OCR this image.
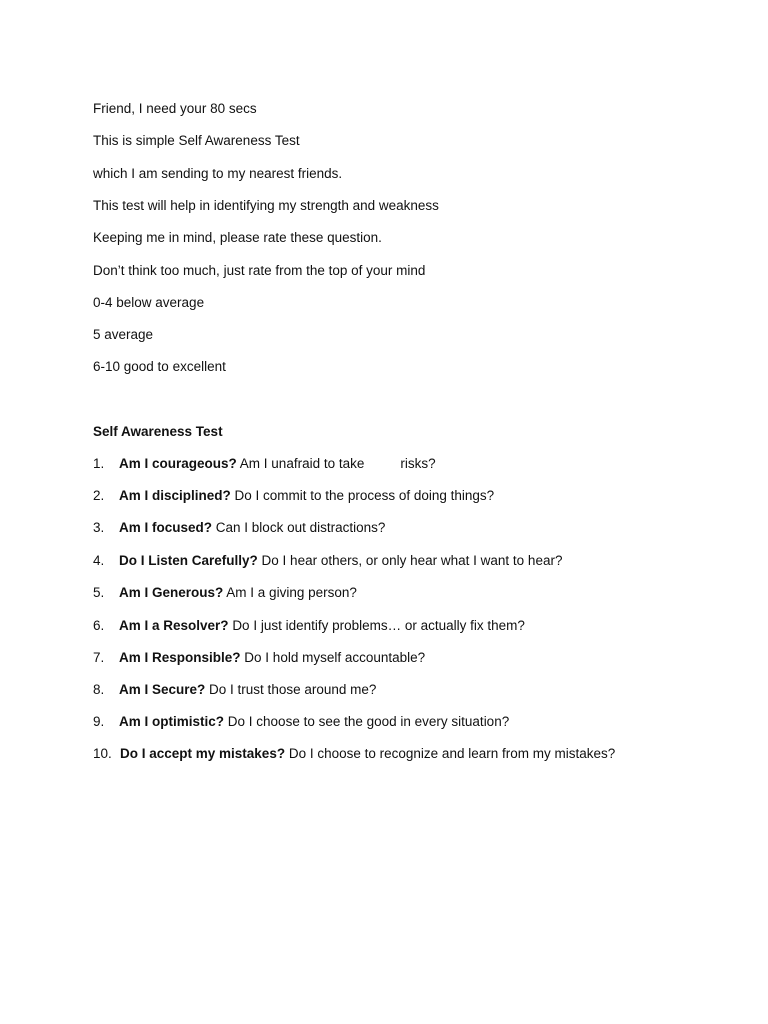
Friend, I need your 80 secs
This is simple Self Awareness Test
which I am sending to my nearest friends.
This test will help in identifying my strength and weakness
Keeping me in mind, please rate these question.
Don’t think too much, just rate from the top of your mind
0-4 below average
5 average
6-10 good to excellent
Self Awareness Test
1. Am I courageous? Am I unafraid to take	risks?
2. Am I disciplined? Do I commit to the process of doing things?
3. Am I focused? Can I block out distractions?
4. Do I Listen Carefully? Do I hear others, or only hear what I want to hear?
5. Am I Generous? Am I a giving person?
6. Am I a Resolver? Do I just identify problems… or actually fix them?
7. Am I Responsible? Do I hold myself accountable?
8. Am I Secure? Do I trust those around me?
9. Am I optimistic? Do I choose to see the good in every situation?
10. Do I accept my mistakes? Do I choose to recognize and learn from my mistakes?
